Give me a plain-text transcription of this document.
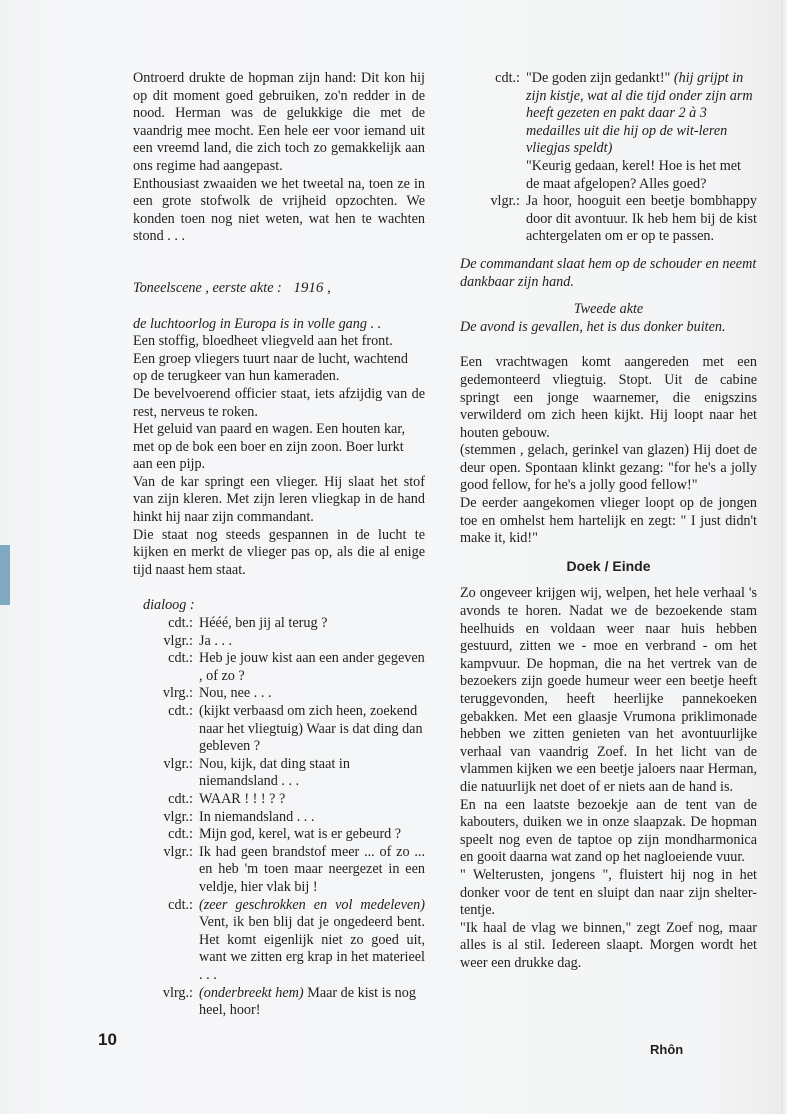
Ontroerd drukte de hopman zijn hand: Dit kon hij op dit moment goed gebruiken, zo'n redder in de nood. Herman was de gelukkige die met de vaandrig mee mocht. Een hele eer voor iemand uit een vreemd land, die zich toch zo gemakkelijk aan ons regime had aangepast.

Enthousiast zwaaiden we het tweetal na, toen ze in een grote stofwolk de vrijheid opzochten. We konden toen nog niet weten, wat hen te wachten stond . . .

Toneelscene , eerste akte : 1916 ,

de luchtoorlog in Europa is in volle gang . .

Een stoffig, bloedheet vliegveld aan het front.

Een groep vliegers tuurt naar de lucht, wachtend op de terugkeer van hun kameraden.

De bevelvoerend officier staat, iets afzijdig van de rest, nerveus te roken.

Het geluid van paard en wagen. Een houten kar, met op de bok een boer en zijn zoon. Boer lurkt aan een pijp.

Van de kar springt een vlieger. Hij slaat het stof van zijn kleren. Met zijn leren vliegkap in de hand hinkt hij naar zijn commandant.

Die staat nog steeds gespannen in de lucht te kijken en merkt de vlieger pas op, als die al enige tijd naast hem staat.

dialoog :

cdt.: Hééé, ben jij al terug ?
vlgr.: Ja . . .
cdt.: Heb je jouw kist aan een ander gegeven , of zo ?
vlrg.: Nou, nee . . .
cdt.: (kijkt verbaasd om zich heen, zoekend naar het vliegtuig) Waar is dat ding dan gebleven ?
vlgr.: Nou, kijk, dat ding staat in niemandsland . . .
cdt.: WAAR ! ! ! ? ?
vlgr.: In niemandsland . . .
cdt.: Mijn god, kerel, wat is er gebeurd ?
vlgr.: Ik had geen brandstof meer ... of zo ... en heb 'm toen maar neergezet in een veldje, hier vlak bij !
cdt.: (zeer geschrokken en vol medeleven) Vent, ik ben blij dat je ongedeerd bent. Het komt eigenlijk niet zo goed uit, want we zitten erg krap in het materieel . . .
vlrg.: (onderbreekt hem) Maar de kist is nog heel, hoor!
cdt.: "De goden zijn gedankt!" (hij grijpt in zijn kistje, wat al die tijd onder zijn arm heeft gezeten en pakt daar 2 à 3 medailles uit die hij op de wit-leren vliegjas speldt)
"Keurig gedaan, kerel! Hoe is het met de maat afgelopen? Alles goed?
vlgr.: Ja hoor, hooguit een beetje bombhappy door dit avontuur. Ik heb hem bij de kist achtergelaten om er op te passen.

De commandant slaat hem op de schouder en neemt dankbaar zijn hand.

Tweede akte

De avond is gevallen, het is dus donker buiten.

Een vrachtwagen komt aangereden met een gedemonteerd vliegtuig. Stopt. Uit de cabine springt een jonge waarnemer, die enigszins verwilderd om zich heen kijkt. Hij loopt naar het houten gebouw.

(stemmen , gelach, gerinkel van glazen) Hij doet de deur open. Spontaan klinkt gezang: "for he's a jolly good fellow, for he's a jolly good fellow!"

De eerder aangekomen vlieger loopt op de jongen toe en omhelst hem hartelijk en zegt: " I just didn't make it, kid!"

Doek / Einde

Zo ongeveer krijgen wij, welpen, het hele verhaal 's avonds te horen. Nadat we de bezoekende stam heelhuids en voldaan weer naar huis hebben gestuurd, zitten we - moe en verbrand - om het kampvuur. De hopman, die na het vertrek van de bezoekers zijn goede humeur weer een beetje heeft teruggevonden, heeft heerlijke pannekoeken gebakken. Met een glaasje Vrumona priklimonade hebben we zitten genieten van het avontuurlijke verhaal van vaandrig Zoef. In het licht van de vlammen kijken we een beetje jaloers naar Herman, die natuurlijk net doet of er niets aan de hand is.

En na een laatste bezoekje aan de tent van de kabouters, duiken we in onze slaapzak. De hopman speelt nog even de taptoe op zijn mondharmonica en gooit daarna wat zand op het nagloeiende vuur.

" Welterusten, jongens ", fluistert hij nog in het donker voor de tent en sluipt dan naar zijn shelter-tentje.

"Ik haal de vlag we binnen," zegt Zoef nog, maar alles is al stil. Iedereen slaapt. Morgen wordt het weer een drukke dag.

10
Rhôn
